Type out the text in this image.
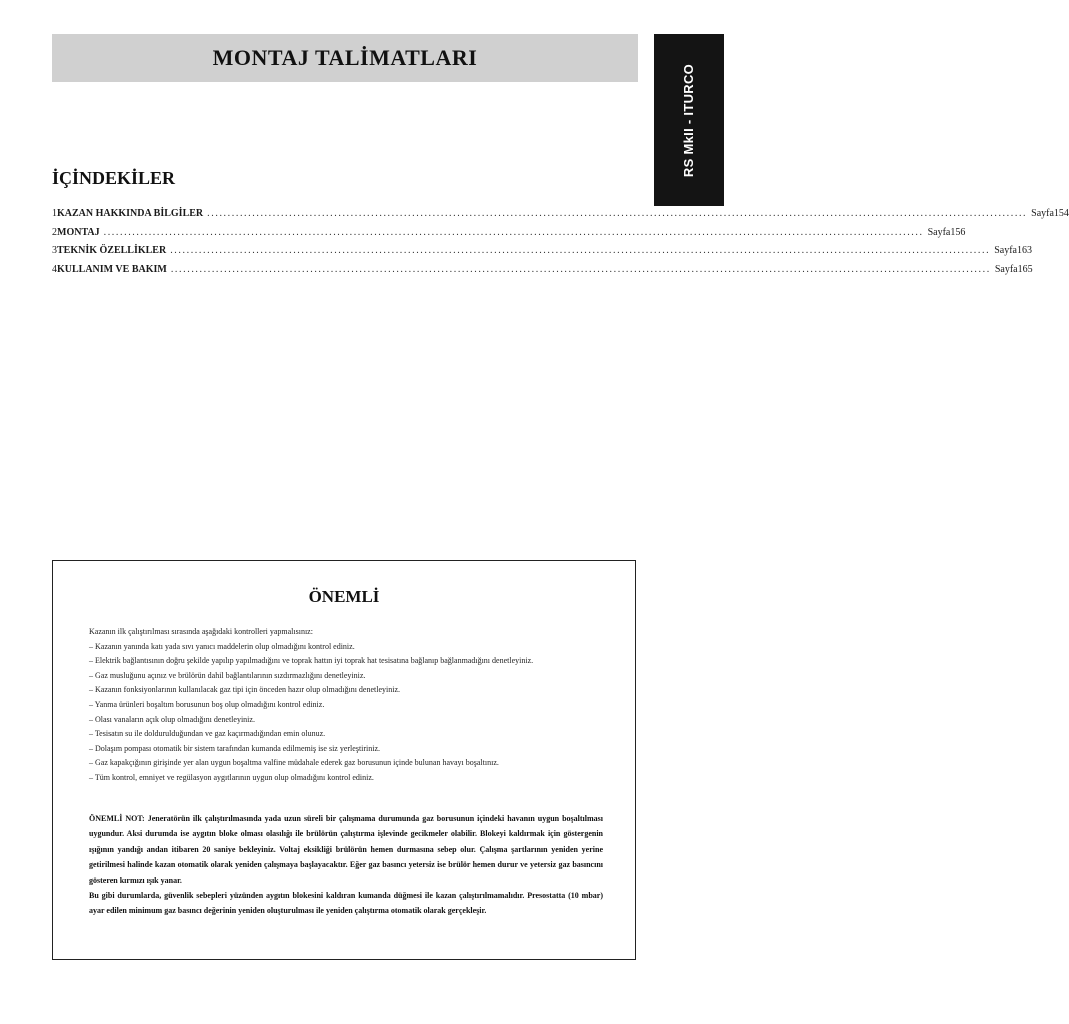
MONTAJ TALİMATLARI
RS MkII - ITURCO
İÇİNDEKİLER
1 KAZAN HAKKINDA BİLGİLER ........................................................................................................................................................................................................ Sayfa 154
2 MONTAJ ........................................................................................................................................................................................................ Sayfa 156
3 TEKNİK ÖZELLİKLER ........................................................................................................................................................................................................ Sayfa 163
4 KULLANIM VE BAKIM ........................................................................................................................................................................................................ Sayfa 165
ÖNEMLİ
Kazanın ilk çalıştırılması sırasında aşağıdaki kontrolleri yapmalısınız:
– Kazanın yanında katı yada sıvı yanıcı maddelerin olup olmadığını kontrol ediniz.
– Elektrik bağlantısının doğru şekilde yapılıp yapılmadığını ve toprak hattın iyi toprak hat tesisatına bağlanıp bağlanmadığını denetleyiniz.
– Gaz musluğunu açınız ve brülörün dahil bağlantılarının sızdırmazlığını denetleyiniz.
– Kazanın fonksiyonlarının kullanılacak gaz tipi için önceden hazır olup olmadığını denetleyiniz.
– Yanma ürünleri boşaltım borusunun boş olup olmadığını kontrol ediniz.
– Olası vanaların açık olup olmadığını denetleyiniz.
– Tesisatın su ile doldurulduğundan ve gaz kaçırmadığından emin olunuz.
– Dolaşım pompası otomatik bir sistem tarafından kumanda edilmemiş ise siz yerleştiriniz.
– Gaz kapakçığının girişinde yer alan uygun boşaltma valfine müdahale ederek gaz borusunun içinde bulunan havayı boşaltınız.
– Tüm kontrol, emniyet ve regülasyon aygıtlarının uygun olup olmadığını kontrol ediniz.
ÖNEMLİ NOT: Jeneratörün ilk çalıştırılmasında yada uzun süreli bir çalışmama durumunda gaz borusunun içindeki havanın uygun boşaltılması uygundur. Aksi durumda ise aygıtın bloke olması olasılığı ile brülörün çalıştırma işlevinde gecikmeler olabilir. Blokeyi kaldırmak için göstergenin ışığının yandığı andan itibaren 20 saniye bekleyiniz. Voltaj eksikliği brülörün hemen durmasına sebep olur. Çalışma şartlarının yeniden yerine getirilmesi halinde kazan otomatik olarak yeniden çalışmaya başlayacaktır. Eğer gaz basıncı yetersiz ise brülör hemen durur ve yetersiz gaz basıncını gösteren kırmızı ışık yanar.
Bu gibi durumlarda, güvenlik sebepleri yüzünden aygıtın blokesini kaldıran kumanda düğmesi ile kazan çalıştırılmamalıdır. Presostatta (10 mbar) ayar edilen minimum gaz basıncı değerinin yeniden oluşturulması ile yeniden çalıştırma otomatik olarak gerçekleşir.
